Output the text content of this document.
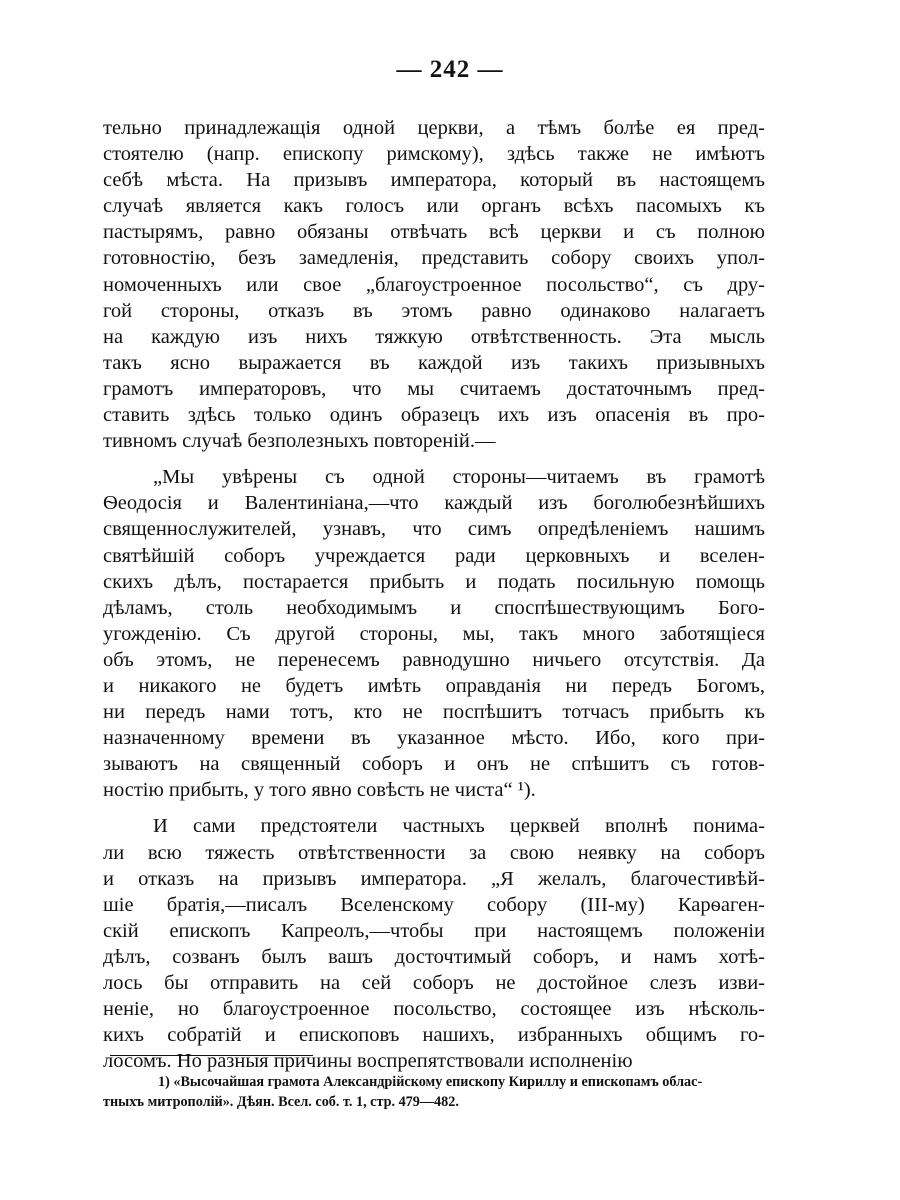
— 242 —
тельно принадлежащія одной церкви, а тѣмъ болѣе ея пред-
стоятелю (напр. епископу римскому), здѣсь также не имѣютъ
себѣ мѣста. На призывъ императора, который въ настоящемъ
случаѣ является какъ голосъ или органъ всѣхъ пасомыхъ къ
пастырямъ, равно обязаны отвѣчать всѣ церкви и съ полною
готовностію, безъ замедленія, представить собору своихъ упол-
номоченныхъ или свое „благоустроенное посольство“, съ дру-
гой стороны, отказъ въ этомъ равно одинаково налагаетъ
на каждую изъ нихъ тяжкую отвѣтственность. Эта мысль
такъ ясно выражается въ каждой изъ такихъ призывныхъ
грамотъ императоровъ, что мы считаемъ достаточнымъ пред-
ставить здѣсь только одинъ образецъ ихъ изъ опасенія въ про-
тивномъ случаѣ безполезныхъ повтореній.—
„Мы увѣрены съ одной стороны—читаемъ въ грамотѣ
Ѳеодосія и Валентиніана,—что каждый изъ боголюбезнѣйшихъ
священнослужителей, узнавъ, что симъ опредѣленіемъ нашимъ
святѣйшій соборъ учреждается ради церковныхъ и вселен-
скихъ дѣлъ, постарается прибыть и подать посильную помощь
дѣламъ, столь необходимымъ и споспѣшествующимъ Бого-
угожденію. Съ другой стороны, мы, такъ много заботящіеся
объ этомъ, не перенесемъ равнодушно ничьего отсутствія. Да
и никакого не будетъ имѣть оправданія ни передъ Богомъ,
ни передъ нами тотъ, кто не поспѣшитъ тотчасъ прибыть къ
назначенному времени въ указанное мѣсто. Ибо, кого при-
зываютъ на священный соборъ и онъ не спѣшитъ съ готов-
ностію прибыть, у того явно совѣсть не чиста“ ¹).
И сами предстоятели частныхъ церквей вполнѣ понима-
ли всю тяжесть отвѣтственности за свою неявку на соборъ
и отказъ на призывъ императора. „Я желалъ, благочестивѣй-
шіе братія,—писалъ Вселенскому собору (III-му) Карѳаген-
скій епископъ Капреолъ,—чтобы при настоящемъ положеніи
дѣлъ, созванъ былъ вашъ досточтимый соборъ, и намъ хотѣ-
лось бы отправить на сей соборъ не достойное слезъ изви-
неніе, но благоустроенное посольство, состоящее изъ нѣсколь-
кихъ собратій и епископовъ нашихъ, избранныхъ общимъ го-
лосомъ. Но разныя причины воспрепятствовали исполненію
1) «Высочайшая грамота Александрійскому епископу Кириллу и епископамъ облас-
тныхъ митрополій». Дѣян. Всел. соб. т. 1, стр. 479—482.
